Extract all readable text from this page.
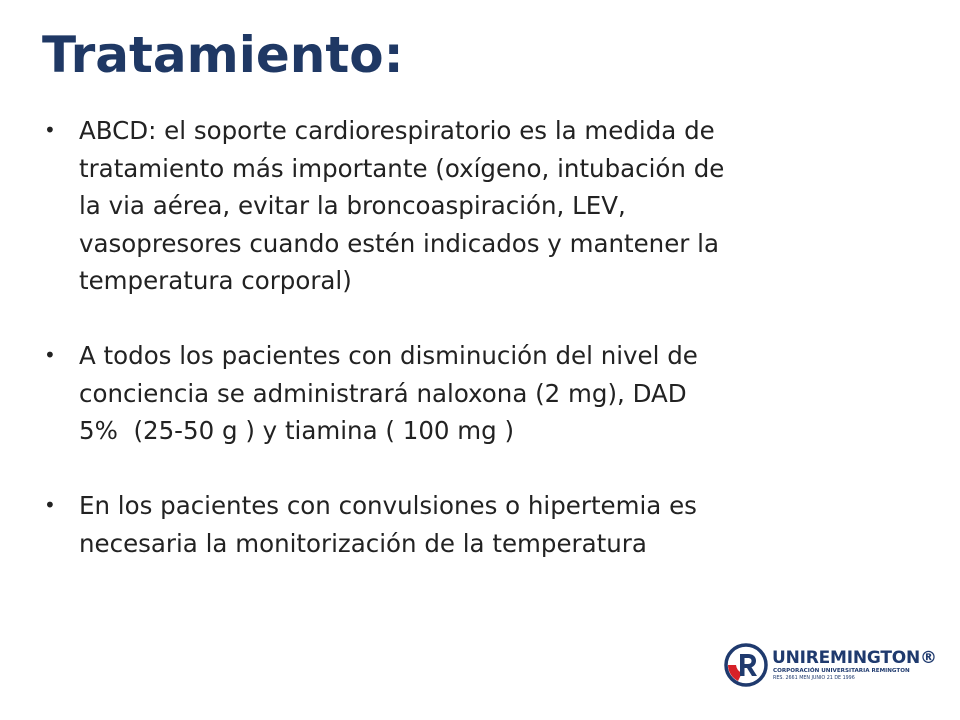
Tratamiento:
• ABCD: el soporte cardiorespiratorio es la medida de
tratamiento más importante (oxígeno, intubación de
la via aérea, evitar la broncoaspiración, LEV,
vasopresores cuando estén indicados y mantener la
temperatura corporal)
• A todos los pacientes con disminución del nivel de
conciencia se administrará naloxona (2 mg), DAD
5%  (25-50 g ) y tiamina ( 100 mg )
• En los pacientes con convulsiones o hipertemia es
necesaria la monitorización de la temperatura
UNIREMINGTON®
CORPORACIÓN UNIVERSITARIA REMINGTON
RES. 2661 MEN JUNIO 21 DE 1996
